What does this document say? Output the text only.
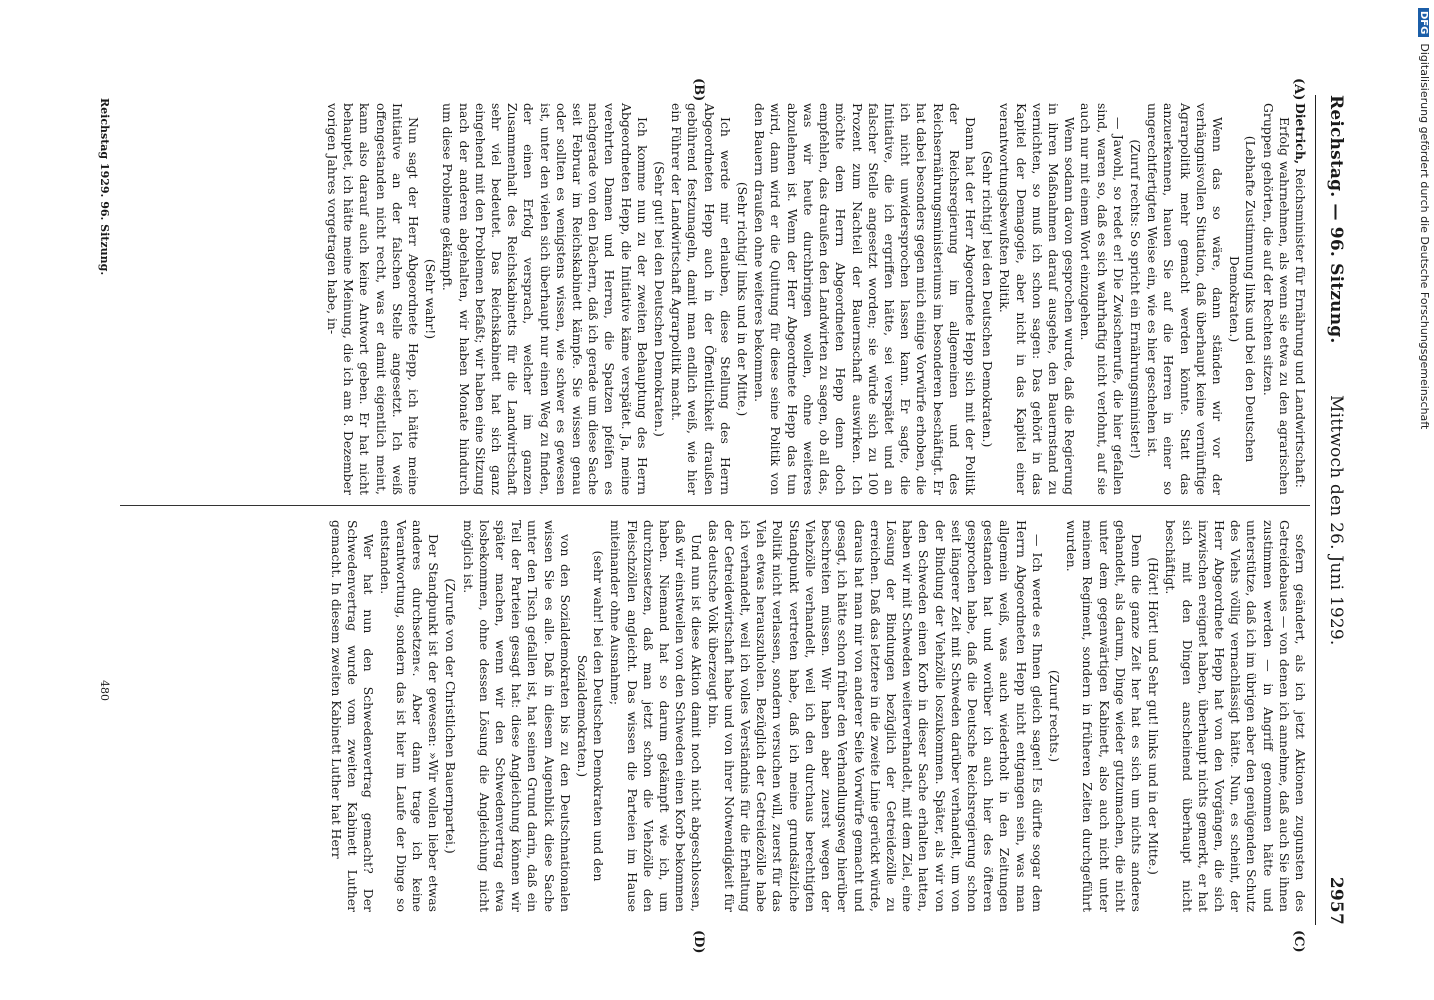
Reichstag. — 96. Sitzung.
Mittwoch den 26. Juni 1929.
2957
(A)
(B)
(C)
(D)

Dietrich, Reichsminister für Ernährung und Landwirtschaft:

Erfolg wahrnehmen, als wenn sie etwa zu den agrarischen Gruppen gehörten, die auf der Rechten sitzen.

(Lebhafte Zustimmung links und bei den Deutschen Demokraten.)

Wenn das so wäre, dann ständen wir vor der verhängnisvollen Situation, daß überhaupt keine vernünftige Agrarpolitik mehr gemacht werden könnte. Statt das anzuerkennen, hauen Sie auf die Herren in einer so ungerechtfertigten Weise ein, wie es hier geschehen ist.

(Zuruf rechts: So spricht ein Ernährungsminister!)

— Jawohl, so redet er! Die Zwischenrufe, die hier gefallen sind, waren so, daß es sich wahrhaftig nicht verlohnt, auf sie auch nur mit einem Wort einzugehen.

Wenn sodann davon gesprochen wurde, daß die Regierung in ihren Maßnahmen darauf ausgehe, den Bauernstand zu vernichten, so muß ich schon sagen: Das gehört in das Kapitel der Demagogie, aber nicht in das Kapitel einer verantwortungsbewußten Politik.

(Sehr richtig! bei den Deutschen Demokraten.)

Dann hat der Herr Abgeordnete Hepp sich mit der Politik der Reichsregierung im allgemeinen und des Reichsernährungsministeriums im besonderen beschäftigt. Er hat dabei besonders gegen mich einige Vorwürfe erhoben, die ich nicht unwidersprochen lassen kann. Er sagte, die Initiative, die ich ergriffen hätte, sei verspätet und an falscher Stelle angesetzt worden; sie würde sich zu 100 Prozent zum Nachteil der Bauernschaft auswirken. Ich möchte dem Herrn Abgeordneten Hepp denn doch empfehlen, das draußen den Landwirten zu sagen, ob all das, was wir heute durchbringen wollen, ohne weiteres abzulehnen ist. Wenn der Herr Abgeordnete Hepp das tun wird, dann wird er die Quittung für diese seine Politik von den Bauern draußen ohne weiteres bekommen.

(Sehr richtig! links und in der Mitte.)

Ich werde mir erlauben, diese Stellung des Herrn Abgeordneten Hepp auch in der Öffentlichkeit draußen gebührend festzunageln, damit man endlich weiß, wie hier ein Führer der Landwirtschaft Agrarpolitik macht.

(Sehr gut! bei den Deutschen Demokraten.)

Ich komme nun zu der zweiten Behauptung des Herrn Abgeordneten Hepp, die Initiative käme verspätet. Ja, meine verehrten Damen und Herren, die Spatzen pfeifen es nachgerade von den Dächern, daß ich gerade um diese Sache seit Februar im Reichskabinett kämpfe. Sie wissen genau oder sollten es wenigstens wissen, wie schwer es gewesen ist, unter den vielen sich überhaupt nur einen Weg zu finden, der einen Erfolg versprach, welcher im ganzen Zusammenhalt des Reichskabinetts für die Landwirtschaft sehr viel bedeutet. Das Reichskabinett hat sich ganz eingehend mit den Problemen befaßt; wir haben eine Sitzung nach der anderen abgehalten, wir haben Monate hindurch um diese Probleme gekämpft.

(Sehr wahr!)

Nun sagt der Herr Abgeordnete Hepp, ich hätte meine Initiative an der falschen Stelle angesetzt. Ich weiß offengestanden nicht recht, was er damit eigentlich meint, kann also darauf auch keine Antwort geben. Er hat nicht behauptet, ich hätte meine Meinung, die ich am 8. Dezember vorigen Jahres vorgetragen habe, in-

sofern geändert, als ich jetzt Aktionen zugunsten des Getreidebaues — von denen ich annehme, daß auch Sie ihnen zustimmen werden — in Angriff genommen hätte und unterstütze, daß ich im übrigen aber den genügenden Schutz des Viehs völlig vernachlässigt hätte. Nun, es scheint, der Herr Abgeordnete Hepp hat von den Vorgängen, die sich inzwischen ereignet haben, überhaupt nichts gemerkt, er hat sich mit den Dingen anscheinend überhaupt nicht beschäftigt.

(Hört! Hört! und Sehr gut! links und in der Mitte.)

Denn die ganze Zeit her hat es sich um nichts anderes gehandelt, als darum, Dinge wieder gutzumachen, die nicht unter dem gegenwärtigen Kabinett, also auch nicht unter meinem Regiment, sondern in früheren Zeiten durchgeführt wurden.

(Zuruf rechts.)

— Ich werde es Ihnen gleich sagen! Es dürfte sogar dem Herrn Abgeordneten Hepp nicht entgangen sein, was man allgemein weiß, was auch wiederholt in den Zeitungen gestanden hat und worüber ich auch hier des öfteren gesprochen habe, daß die Deutsche Reichsregierung schon seit längerer Zeit mit Schweden darüber verhandelt, um von der Bindung der Viehzölle loszukommen. Später, als wir von den Schweden einen Korb in dieser Sache erhalten hatten, haben wir mit Schweden weiterverhandelt, mit dem Ziel, eine Lösung der Bindungen bezüglich der Getreidezölle zu erreichen. Daß das letztere in die zweite Linie gerückt würde, daraus hat man mir von anderer Seite Vorwürfe gemacht und gesagt, ich hätte schon früher den Verhandlungsweg hierüber beschreiten müssen. Wir haben aber zuerst wegen der Viehzölle verhandelt, weil ich den durchaus berechtigten Standpunkt vertreten habe, daß ich meine grundsätzliche Politik nicht verlassen, sondern versuchen will, zuerst für das Vieh etwas herauszuholen. Bezüglich der Getreidezölle habe ich verhandelt, weil ich volles Verständnis für die Erhaltung der Getreidewirtschaft habe und von ihrer Notwendigkeit für das deutsche Volk überzeugt bin.

Und nun ist diese Aktion damit noch nicht abgeschlossen, daß wir einstweilen von den Schweden einen Korb bekommen haben. Niemand hat so darum gekämpft wie ich, um durchzusetzen, daß man jetzt schon die Viehzölle den Fleischzöllen angleicht. Das wissen die Parteien im Hause miteinander ohne Ausnahme;

(sehr wahr! bei den Deutschen Demokraten und den Sozialdemokraten.)

von den Sozialdemokraten bis zu den Deutschnationalen wissen Sie es alle. Daß in diesem Augenblick diese Sache unter den Tisch gefallen ist, hat seinen Grund darin, daß ein Teil der Parteien gesagt hat: diese Angleichung können wir später machen, wenn wir den Schwedenvertrag etwa losbekommen, ohne dessen Lösung die Angleichung nicht möglich ist.

(Zurufe von der Christlichen Bauernpartei.)

Der Standpunkt ist der gewesen: »Wir wollen lieber etwas anderes durchsetzen«. Aber dann trage ich keine Verantwortung, sondern das ist hier im Laufe der Dinge so entstanden.

Wer hat nun den Schwedenvertrag gemacht? Der Schwedenvertrag wurde vom zweiten Kabinett Luther gemacht. In diesem zweiten Kabinett Luther hat Herr

Reichstag 1929. 96. Sitzung.
480
DFGDigitalisierung gefördert durch die Deutsche Forschungsgemeinschaft
